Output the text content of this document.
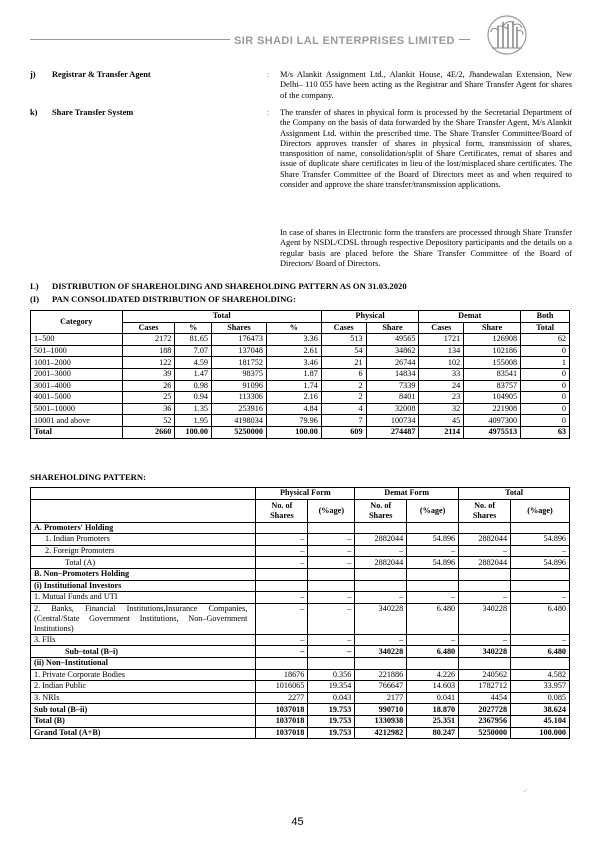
SIR SHADI LAL ENTERPRISES LIMITED
j) Registrar & Transfer Agent	: M/s Alankit Assignment Ltd., Alankit House, 4E/2, Jhandewalan Extension, New Delhi– 110 055 have been acting as the Registrar and Share Transfer Agent for shares of the company.
k) Share Transfer System	: The transfer of shares in physical form is processed by the Secretarial Department of the Company on the basis of data forwarded by the Share Transfer Agent, M/s Alankit Assignment Ltd. within the prescribed time. The Share Transfer Committee/Board of Directors approves transfer of shares in physical form, transmission of shares, transposition of name, consolidation/split of Share Certificates, remat of shares and issue of duplicate share certificates in lieu of the lost/misplaced share certificates. The Share Transfer Committee of the Board of Directors meet as and when required to consider and approve the share transfer/transmission applications.
In case of shares in Electronic form the transfers are processed through Share Transfer Agent by NSDL/CDSL through respective Depository participants and the details on a regular basis are placed before the Share Transfer Committee of the Board of Directors/ Board of Directors.
L) DISTRIBUTION OF SHAREHOLDING AND SHAREHOLDING PATTERN AS ON 31.03.2020
(I) PAN CONSOLIDATED DISTRIBUTION OF SHAREHOLDING:
Category	Total				Physical		Demat		Both
	Cases	%	Shares	%	Cases	Share	Cases	Share	Total
1–500	2172	81.65	176473	3.36	513	49565	1721	126908	62
501–1000	188	7.07	137048	2.61	54	34862	134	102186	0
1001–2000	122	4.59	181752	3.46	21	26744	102	155008	1
2001–3000	39	1.47	98375	1.87	6	14834	33	83541	0
3001–4000	26	0.98	91096	1.74	2	7339	24	83757	0
4001–5000	25	0.94	113306	2.16	2	8401	23	104905	0
5001–10000	36	1.35	253916	4.84	4	32008	32	221908	0
10001 and above	52	1.95	4198034	79.96	7	100734	45	4097300	0
Total	2660	100.00	5250000	100.00	609	274487	2114	4975513	63
SHAREHOLDING PATTERN:
	Physical Form		Demat Form		Total	
	No. of Shares	(%age)	No. of Shares	(%age)	No. of Shares	(%age)
A. Promoters' Holding						
1. Indian Promoters	–	–	2882044	54.896	2882044	54.896
2. Foreign Promoters	–	–	–	–	–	–
Total (A)	–	–	2882044	54.896	2882044	54.896
B. Non–Promoters Holding						
(i) Institutional Investors						
1. Mutual Funds and UTI	–	–	–	–	–	–
2. Banks, Financial Institutions,Insurance Companies, (Central/State Government Institutions, Non–Government Institutions)	–	–	340228	6.480	340228	6.480
3. FIIs	–	–	–	–	–	–
Sub–total (B–i)	–	–	340228	6.480	340228	6.480
(ii) Non–Institutional						
1. Private Corporate Bodies	18676	0.356	221886	4.226	240562	4.582
2. Indian Public	1016065	19.354	766647	14.603	1782712	33.957
3. NRIs	2277	0.043	2177	0.041	4454	0.085
Sub total (B–ii)	1037018	19.753	990710	18.870	2027728	38.624
Total (B)	1037018	19.753	1330938	25.351	2367956	45.104
Grand Total (A+B)	1037018	19.753	4212982	80.247	5250000	100.000
✓
45
